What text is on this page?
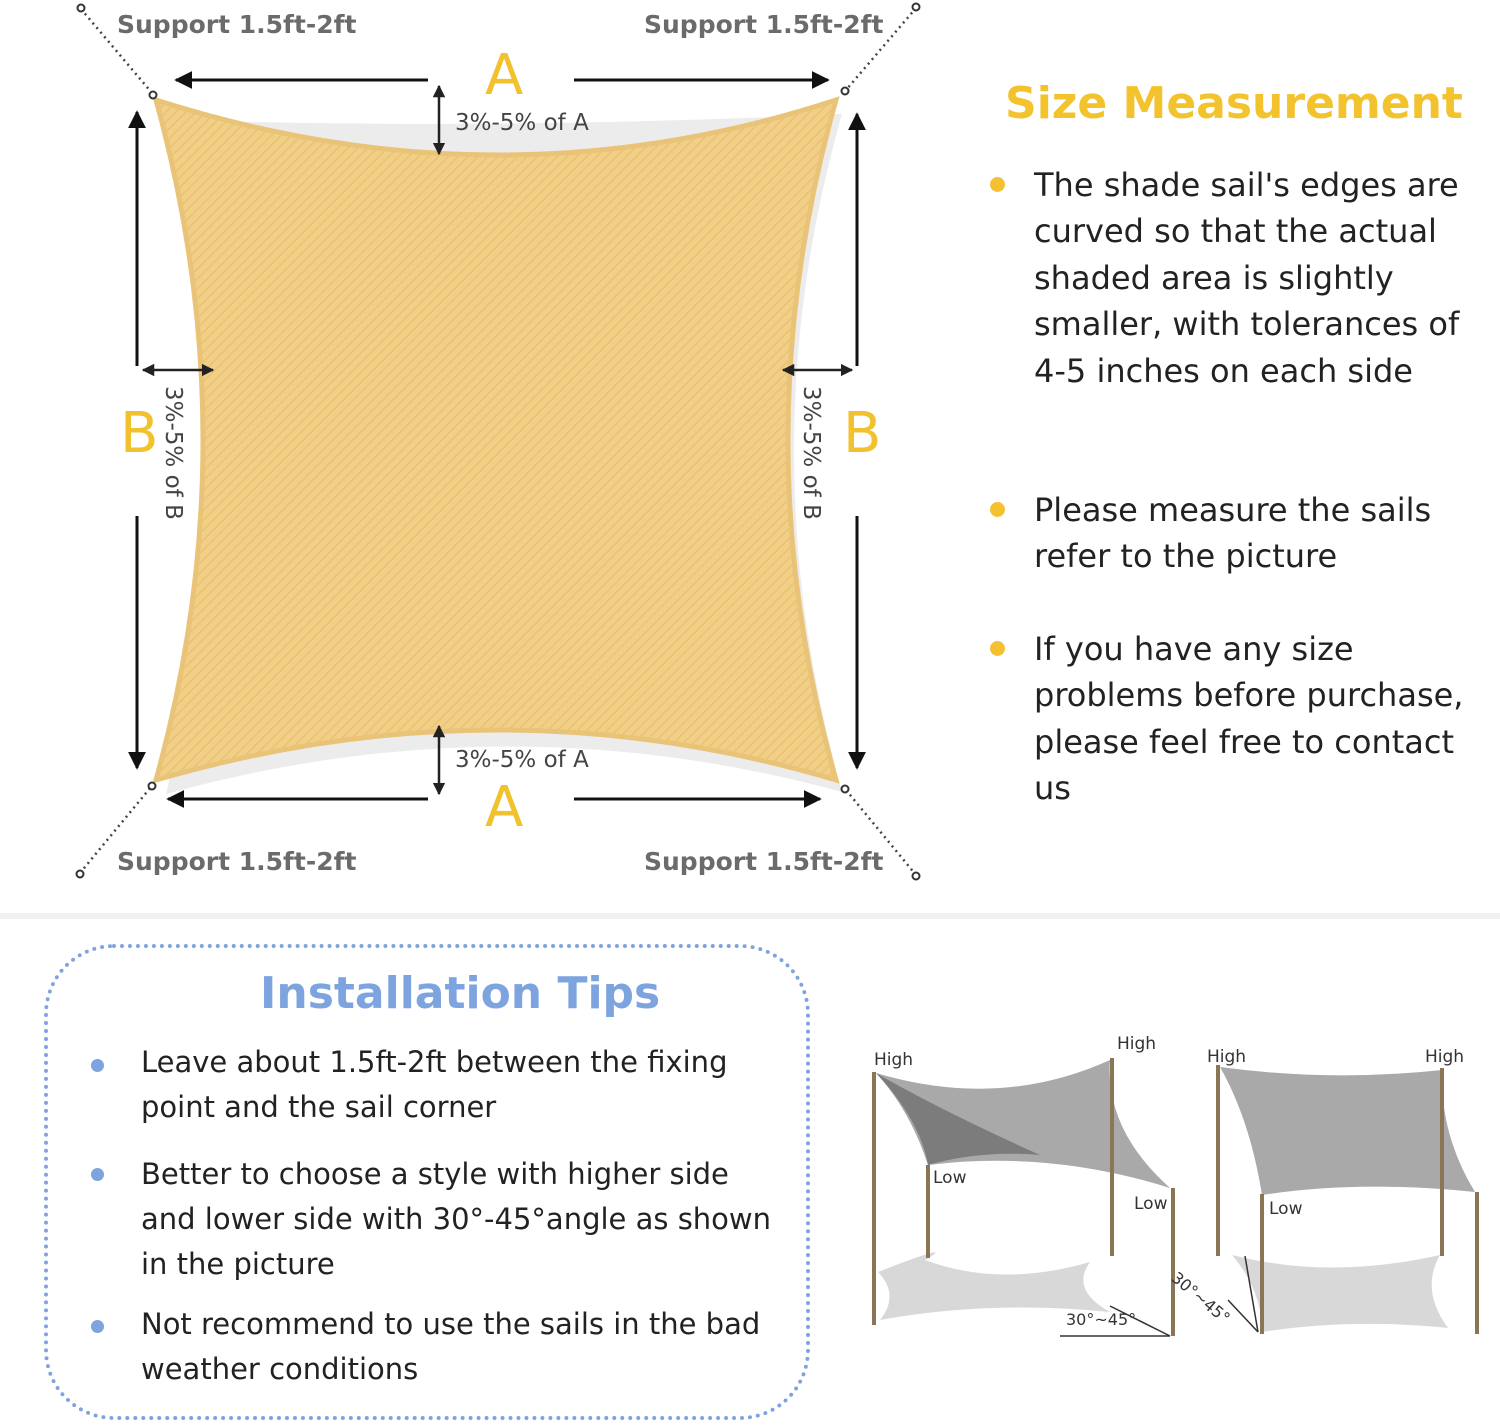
Support 1.5ft-2ft	Support 1.5ft-2ft
Support 1.5ft-2ft	Support 1.5ft-2ft
A
A
B	B
3%-5% of A
3%-5% of A
3%-5% of B	3%-5% of B
Size Measurement
The shade sail's edges are curved so that the actual shaded area is slightly smaller, with tolerances of 4-5 inches on each side
Please measure the sails refer to the picture
If you have any size problems before purchase, please feel free to contact us
Installation Tips
Leave about 1.5ft-2ft between the fixing point and the sail corner
Better to choose a style with higher side and lower side with 30°-45°angle as shown in the picture
Not recommend to use the sails in the bad weather conditions
High
High
Low
Low
30°~45°
High	High
Low
30°~45°
